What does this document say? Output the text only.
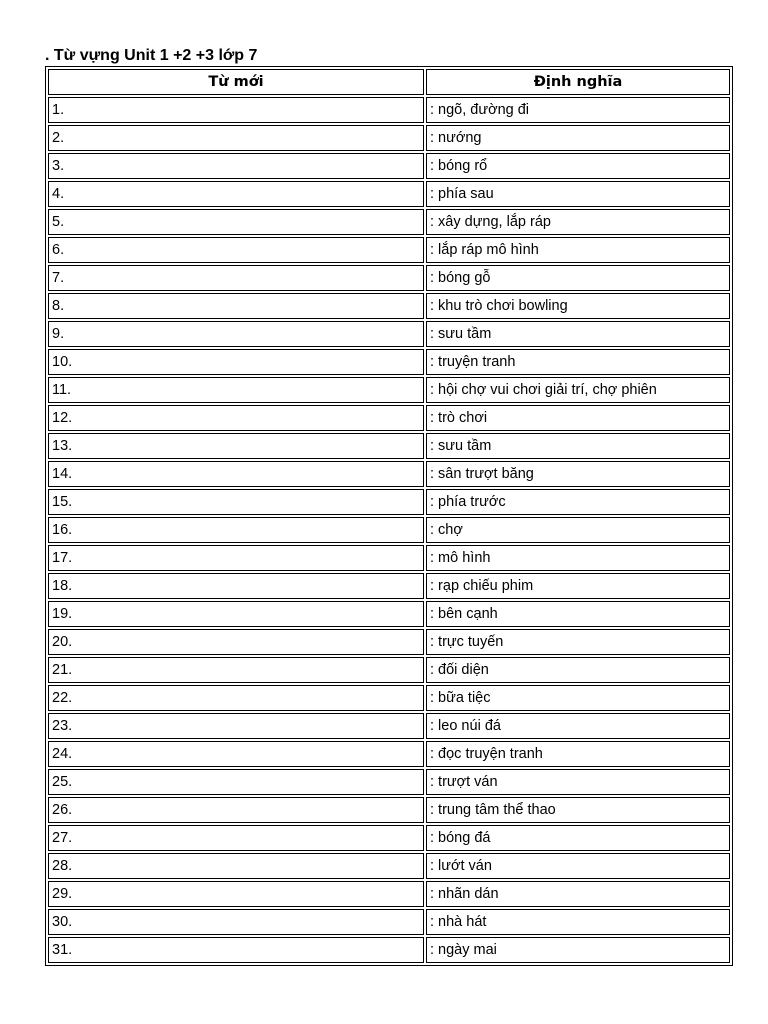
. Từ vựng Unit 1 +2 +3 lớp 7
Từ mới	Định nghĩa
1.	: ngõ, đường đi
2.	: nướng
3.	: bóng rổ
4.	: phía sau
5.	: xây dựng, lắp ráp
6.	: lắp ráp mô hình
7.	: bóng gỗ
8.	: khu trò chơi bowling
9.	: sưu tầm
10.	: truyện tranh
11.	: hội chợ vui chơi giải trí, chợ phiên
12.	: trò chơi
13.	: sưu tầm
14.	: sân trượt băng
15.	: phía trước
16.	: chợ
17.	: mô hình
18.	: rạp chiếu phim
19.	: bên cạnh
20.	: trực tuyến
21.	: đối diện
22.	: bữa tiệc
23.	: leo núi đá
24.	: đọc truyện tranh
25.	: trượt ván
26.	: trung tâm thể thao
27.	: bóng đá
28.	: lướt ván
29.	: nhãn dán
30.	: nhà hát
31.	: ngày mai
